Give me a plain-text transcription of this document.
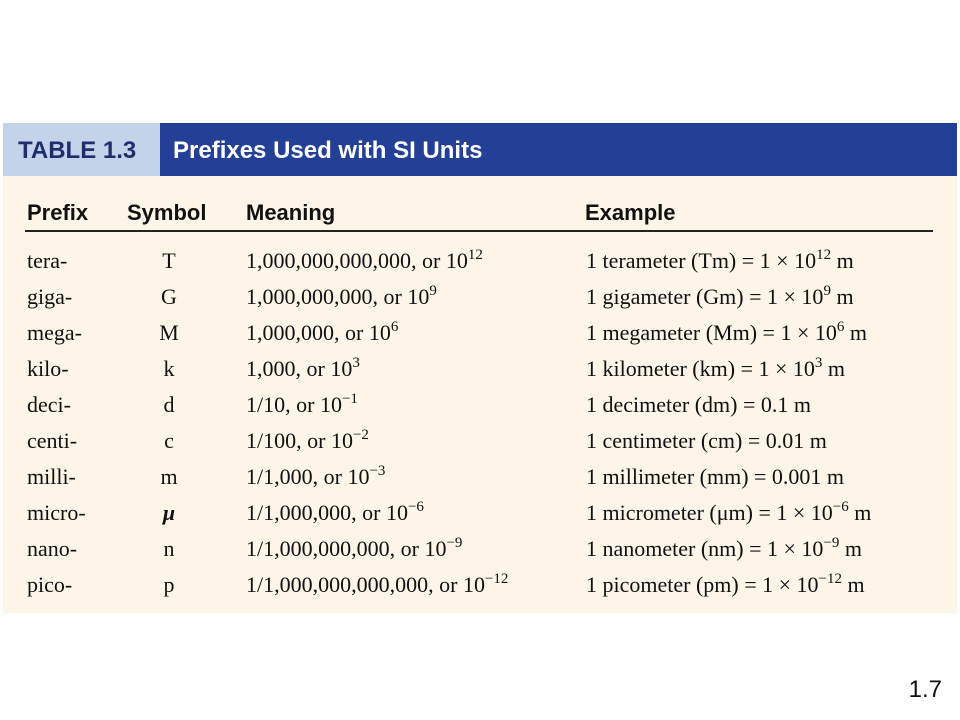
TABLE 1.3 Prefixes Used with SI Units
Prefix Symbol Meaning	Example
tera-	T	1,000,000,000,000, or $10^{12}$	1 terameter $(Tm) = 1 \times 10^{12}$ m
giga-	G	1,000,000,000, or $10^9$	1 gigameter $(Gm) = 1 \times 10^9$ m
mega-	M	1,000,000, or $10^6$	1 megameter $(Mm) = 1 \times 10^6$ m
kilo-	k	1,000, or $10^3$	1 kilometer $(km) = 1 \times 10^3$ m
deci-	d	1/10, or $10^{-1}$	1 decimeter (dm) = 0.1 m
centi-	c	1/100, or $10^{-2}$	1 centimeter (cm) = 0.01 m
milli-	m	1/1,000, or $10^{-3}$	1 millimeter (mm) = 0.001 m
micro-	μ	1/1,000,000, or $10^{-6}$	1 micrometer $(\mu m) = 1 \times 10^{-6}$ m
nano-	n	1/1,000,000,000, or $10^{-9}$	1 nanometer $(nm) = 1 \times 10^{-9}$ m
pico-	p	1/1,000,000,000,000, or $10^{-12}$	1 picometer $(pm) = 1 \times 10^{-12}$ m
1.7
